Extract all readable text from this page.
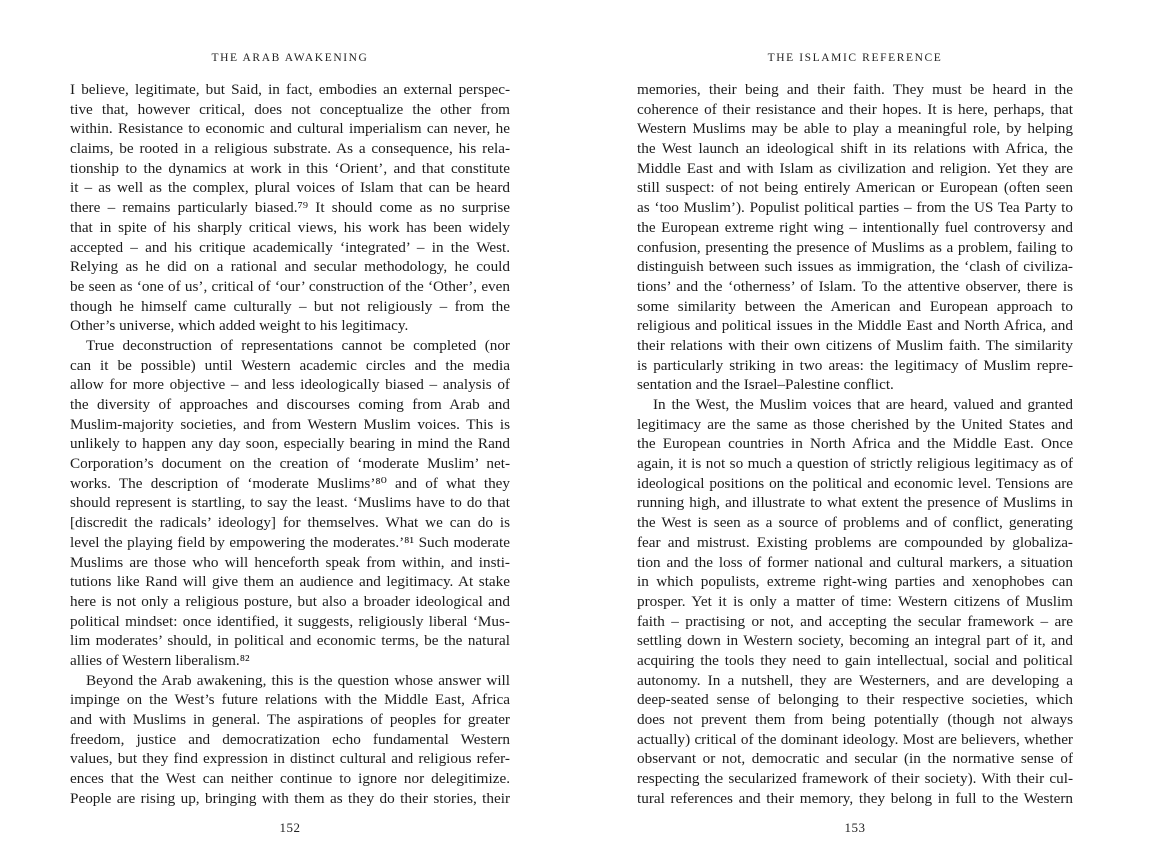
THE ARAB AWAKENING
I believe, legitimate, but Said, in fact, embodies an external perspec-
tive that, however critical, does not conceptualize the other from
within. Resistance to economic and cultural imperialism can never, he
claims, be rooted in a religious substrate. As a consequence, his rela-
tionship to the dynamics at work in this ‘Orient’, and that constitute
it – as well as the complex, plural voices of Islam that can be heard
there – remains particularly biased.⁷⁹ It should come as no surprise
that in spite of his sharply critical views, his work has been widely
accepted – and his critique academically ‘integrated’ – in the West.
Relying as he did on a rational and secular methodology, he could
be seen as ‘one of us’, critical of ‘our’ construction of the ‘Other’, even
though he himself came culturally – but not religiously – from the
Other’s universe, which added weight to his legitimacy.
True deconstruction of representations cannot be completed (nor
can it be possible) until Western academic circles and the media
allow for more objective – and less ideologically biased – analysis of
the diversity of approaches and discourses coming from Arab and
Muslim-majority societies, and from Western Muslim voices. This is
unlikely to happen any day soon, especially bearing in mind the Rand
Corporation’s document on the creation of ‘moderate Muslim’ net-
works. The description of ‘moderate Muslims’⁸⁰ and of what they
should represent is startling, to say the least. ‘Muslims have to do that
[discredit the radicals’ ideology] for themselves. What we can do is
level the playing field by empowering the moderates.’⁸¹ Such moderate
Muslims are those who will henceforth speak from within, and insti-
tutions like Rand will give them an audience and legitimacy. At stake
here is not only a religious posture, but also a broader ideological and
political mindset: once identified, it suggests, religiously liberal ‘Mus-
lim moderates’ should, in political and economic terms, be the natural
allies of Western liberalism.⁸²
Beyond the Arab awakening, this is the question whose answer will
impinge on the West’s future relations with the Middle East, Africa
and with Muslims in general. The aspirations of peoples for greater
freedom, justice and democratization echo fundamental Western
values, but they find expression in distinct cultural and religious refer-
ences that the West can neither continue to ignore nor delegitimize.
People are rising up, bringing with them as they do their stories, their
152
THE ISLAMIC REFERENCE
memories, their being and their faith. They must be heard in the
coherence of their resistance and their hopes. It is here, perhaps, that
Western Muslims may be able to play a meaningful role, by helping
the West launch an ideological shift in its relations with Africa, the
Middle East and with Islam as civilization and religion. Yet they are
still suspect: of not being entirely American or European (often seen
as ‘too Muslim’). Populist political parties – from the US Tea Party to
the European extreme right wing – intentionally fuel controversy and
confusion, presenting the presence of Muslims as a problem, failing to
distinguish between such issues as immigration, the ‘clash of civiliza-
tions’ and the ‘otherness’ of Islam. To the attentive observer, there is
some similarity between the American and European approach to
religious and political issues in the Middle East and North Africa, and
their relations with their own citizens of Muslim faith. The similarity
is particularly striking in two areas: the legitimacy of Muslim repre-
sentation and the Israel–Palestine conflict.
In the West, the Muslim voices that are heard, valued and granted
legitimacy are the same as those cherished by the United States and
the European countries in North Africa and the Middle East. Once
again, it is not so much a question of strictly religious legitimacy as of
ideological positions on the political and economic level. Tensions are
running high, and illustrate to what extent the presence of Muslims in
the West is seen as a source of problems and of conflict, generating
fear and mistrust. Existing problems are compounded by globaliza-
tion and the loss of former national and cultural markers, a situation
in which populists, extreme right-wing parties and xenophobes can
prosper. Yet it is only a matter of time: Western citizens of Muslim
faith – practising or not, and accepting the secular framework – are
settling down in Western society, becoming an integral part of it, and
acquiring the tools they need to gain intellectual, social and political
autonomy. In a nutshell, they are Westerners, and are developing a
deep-seated sense of belonging to their respective societies, which
does not prevent them from being potentially (though not always
actually) critical of the dominant ideology. Most are believers, whether
observant or not, democratic and secular (in the normative sense of
respecting the secularized framework of their society). With their cul-
tural references and their memory, they belong in full to the Western
153
